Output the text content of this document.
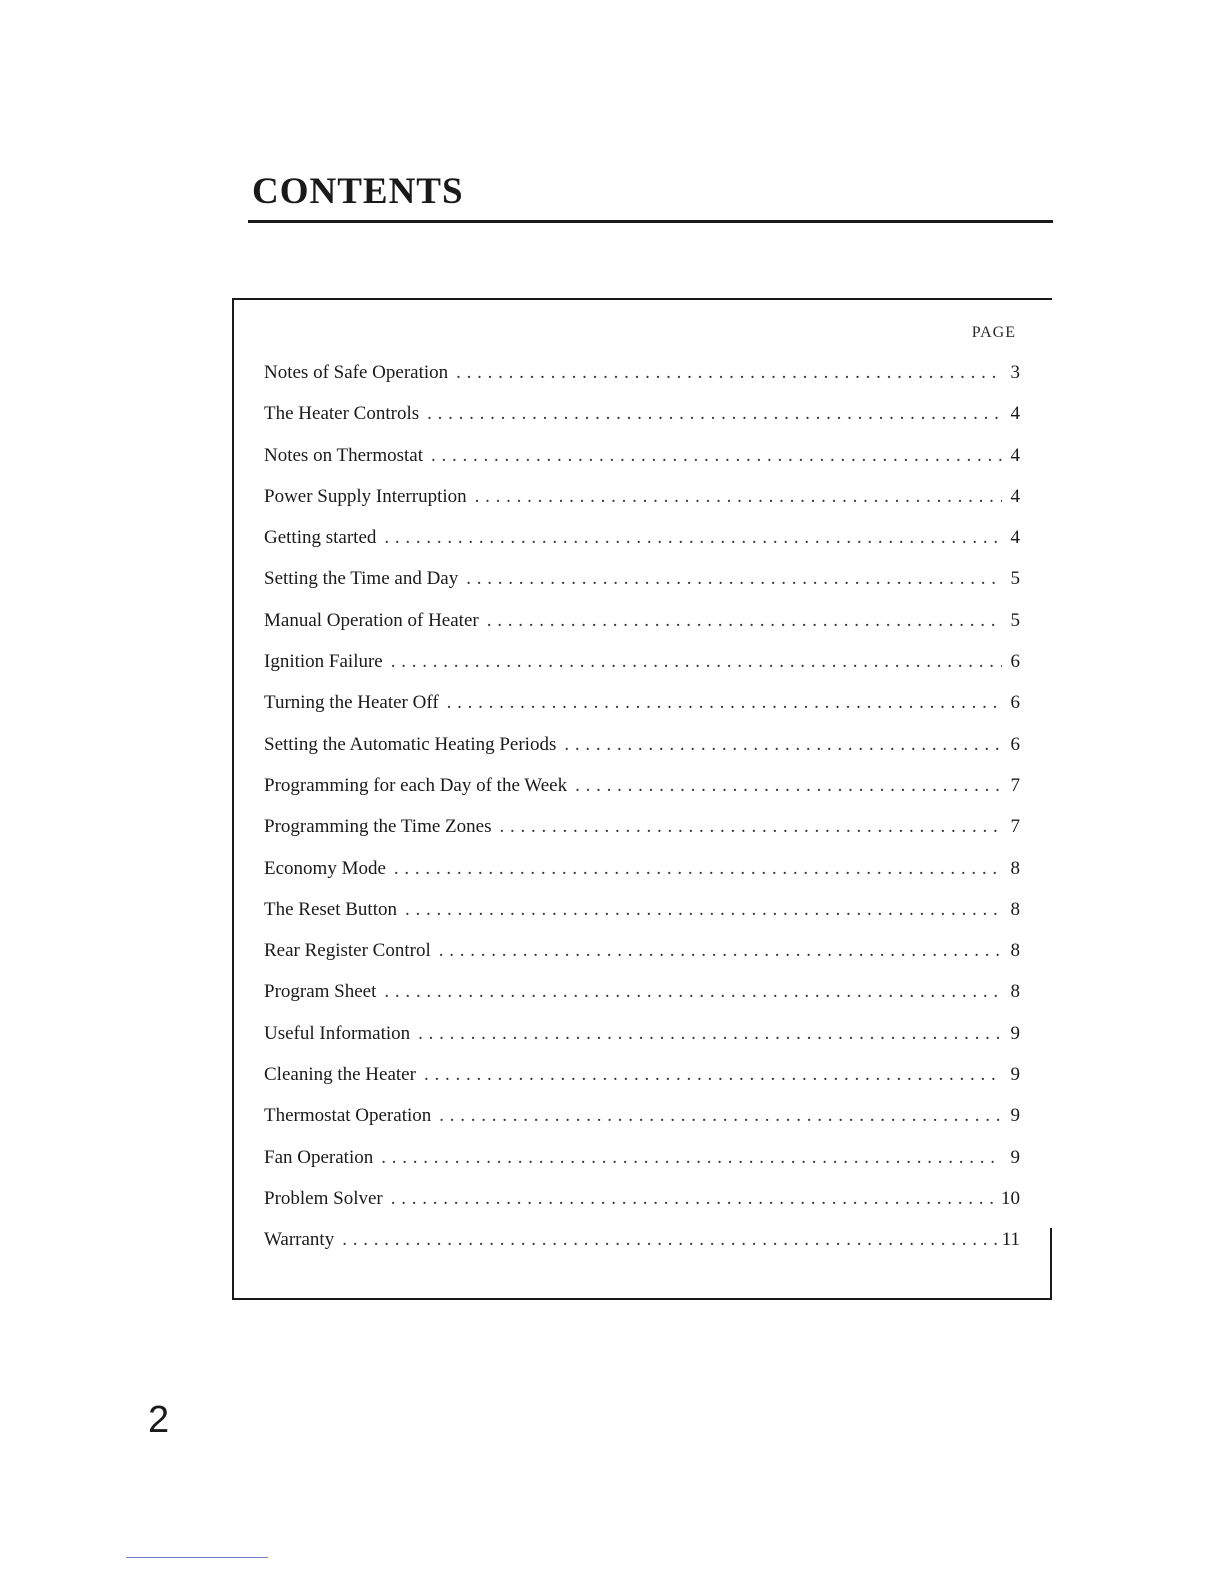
CONTENTS
PAGE
Notes of Safe Operation . . .	3
The Heater Controls . . .	4
Notes on Thermostat . . .	4
Power Supply Interruption . . .	4
Getting started . . .	4
Setting the Time and Day . . .	5
Manual Operation of Heater . . .	5
Ignition Failure . . .	6
Turning the Heater Off . . .	6
Setting the Automatic Heating Periods . . .	6
Programming for each Day of the Week . . .	7
Programming the Time Zones . . .	7
Economy Mode . . .	8
The Reset Button . . .	8
Rear Register Control . . .	8
Program Sheet . . .	8
Useful Information . . .	9
Cleaning the Heater . . .	9
Thermostat Operation . . .	9
Fan Operation . . .	9
Problem Solver . . .	10
Warranty . . .	11
2
